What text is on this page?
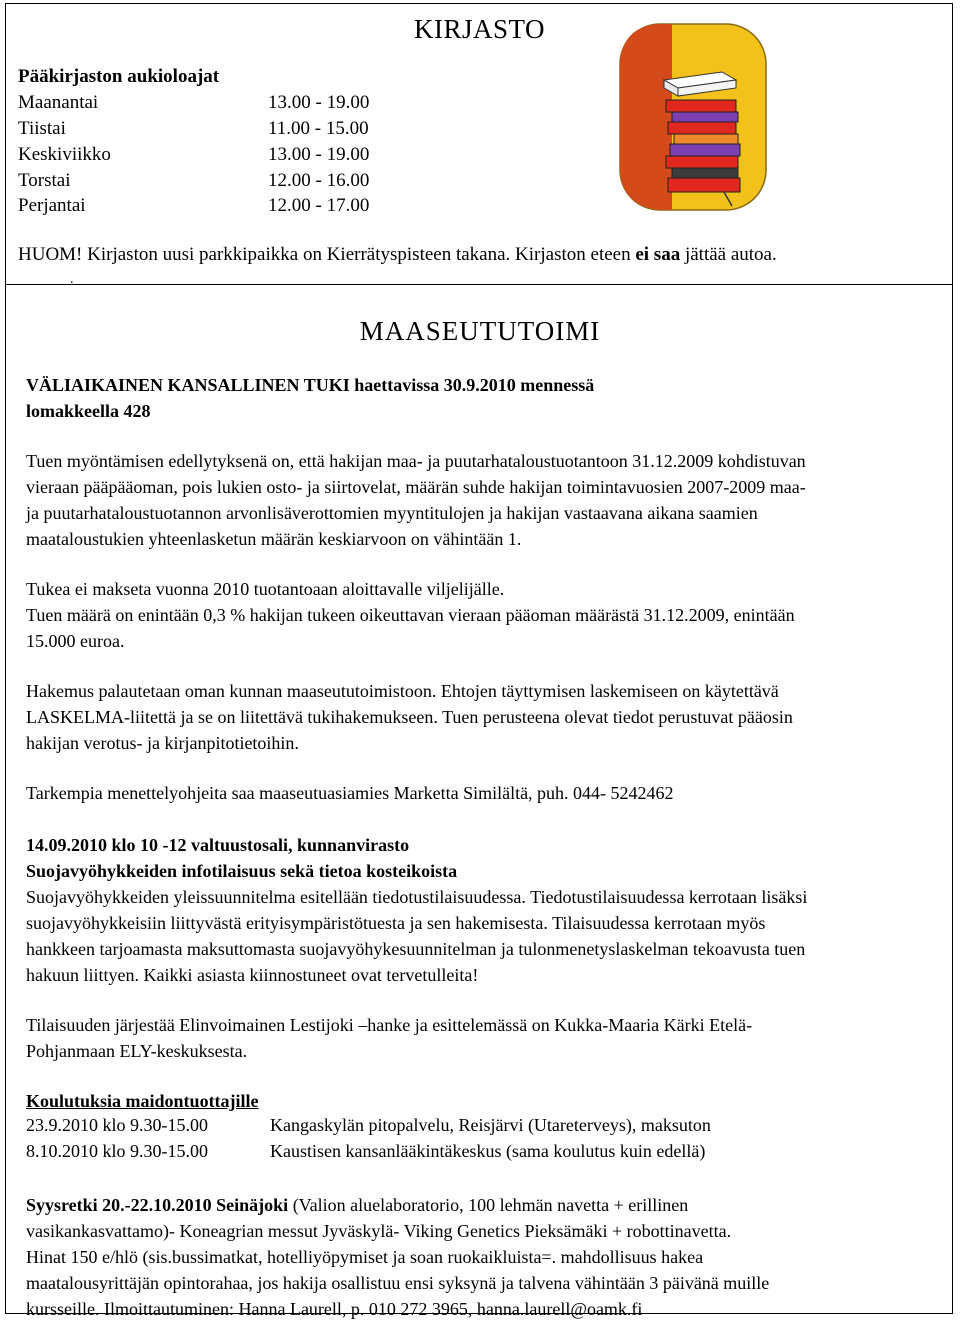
KIRJASTO
Pääkirjaston aukioloajat
Maanantai	13.00 - 19.00
Tiistai	11.00 - 15.00
Keskiviikko	13.00 - 19.00
Torstai	12.00 - 16.00
Perjantai	12.00 - 17.00
HUOM! Kirjaston uusi parkkipaikka on Kierrätyspisteen takana. Kirjaston eteen ei saa jättää autoa.
.
MAASEUTUTOIMI
VÄLIAIKAINEN KANSALLINEN TUKI haettavissa 30.9.2010 mennessä
lomakkeella 428
Tuen myöntämisen edellytyksenä on, että hakijan maa- ja puutarhataloustuotantoon 31.12.2009 kohdistuvan
vieraan pääpääoman, pois lukien osto- ja siirtovelat, määrän suhde hakijan toimintavuosien 2007-2009 maa-
ja puutarhataloustuotannon arvonlisäverottomien myyntitulojen ja hakijan vastaavana aikana saamien
maataloustukien yhteenlasketun määrän keskiarvoon on vähintään 1.
Tukea ei makseta vuonna 2010 tuotantoaan aloittavalle viljelijälle.
Tuen määrä on enintään 0,3 % hakijan tukeen oikeuttavan vieraan pääoman määrästä 31.12.2009, enintään
15.000 euroa.
Hakemus palautetaan oman kunnan maaseututoimistoon. Ehtojen täyttymisen laskemiseen on käytettävä
LASKELMA-liitettä ja se on liitettävä tukihakemukseen. Tuen perusteena olevat tiedot perustuvat pääosin
hakijan verotus- ja kirjanpitotietoihin.
Tarkempia menettelyohjeita saa maaseutuasiamies Marketta Similältä, puh. 044- 5242462
14.09.2010 klo 10 -12 valtuustosali, kunnanvirasto
Suojavyöhykkeiden infotilaisuus sekä tietoa kosteikoista
Suojavyöhykkeiden yleissuunnitelma esitellään tiedotustilaisuudessa. Tiedotustilaisuudessa kerrotaan lisäksi
suojavyöhykkeisiin liittyvästä erityisympäristötuesta ja sen hakemisesta. Tilaisuudessa kerrotaan myös
hankkeen tarjoamasta maksuttomasta suojavyöhykesuunnitelman ja tulonmenetyslaskelman tekoavusta tuen
hakuun liittyen. Kaikki asiasta kiinnostuneet ovat tervetulleita!
Tilaisuuden järjestää Elinvoimainen Lestijoki –hanke ja esittelemässä on Kukka-Maaria Kärki Etelä-
Pohjanmaan ELY-keskuksesta.
Koulutuksia maidontuottajille
23.9.2010 klo 9.30-15.00	Kangaskylän pitopalvelu, Reisjärvi (Utareterveys), maksuton
8.10.2010 klo 9.30-15.00	Kaustisen kansanlääkintäkeskus (sama koulutus kuin edellä)
Syysretki 20.-22.10.2010 Seinäjoki (Valion aluelaboratorio, 100 lehmän navetta + erillinen
vasikankasvattamo)- Koneagrian messut Jyväskylä- Viking Genetics Pieksämäki + robottinavetta.
Hinat 150 e/hlö (sis.bussimatkat, hotelliyöpymiset ja soan ruokaikluista=. mahdollisuus hakea
maatalousyrittäjän opintorahaa, jos hakija osallistuu ensi syksynä ja talvena vähintään 3 päivänä muille
kursseille. Ilmoittautuminen: Hanna Laurell, p. 010 272 3965, hanna.laurell@oamk.fi
